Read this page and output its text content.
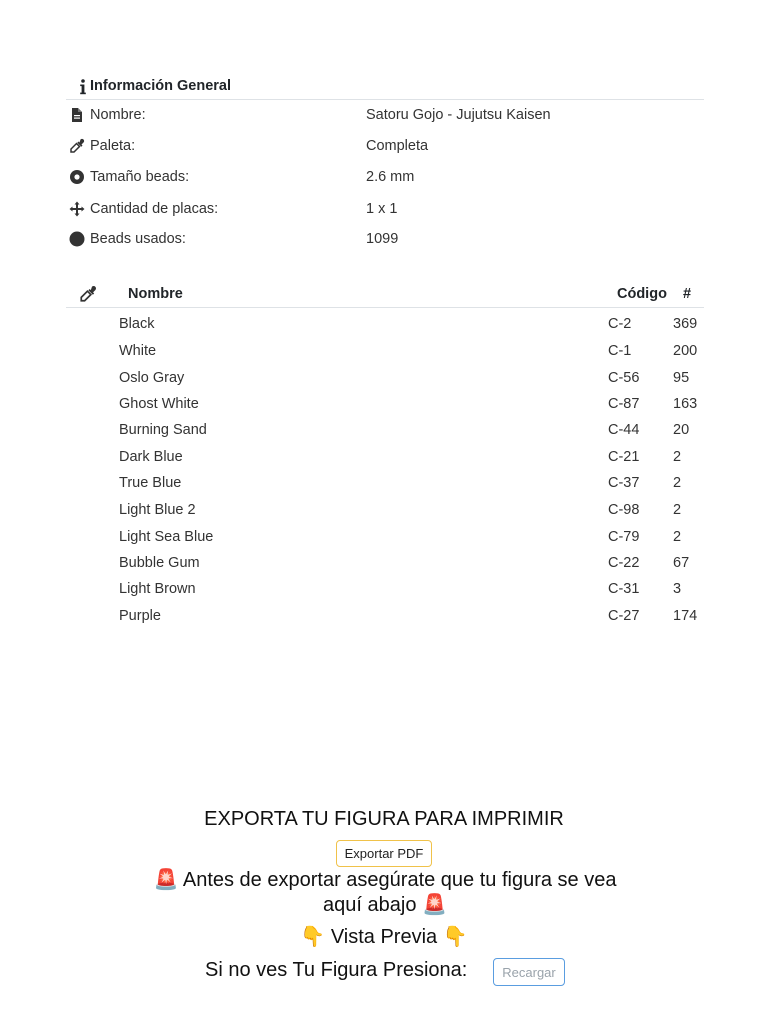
Información General
Nombre:	Satoru Gojo - Jujutsu Kaisen
Paleta:	Completa
Tamaño beads:	2.6 mm
Cantidad de placas:	1 x 1
Beads usados:	1099
Nombre	Código #
Black	C-2	369
White	C-1	200
Oslo Gray	C-56 95
Ghost White	C-87 163
Burning Sand	C-44 20
Dark Blue	C-21 2
True Blue	C-37 2
Light Blue 2	C-98 2
Light Sea Blue	C-79 2
Bubble Gum	C-22 67
Light Brown	C-31 3
Purple	C-27 174
EXPORTA TU FIGURA PARA IMPRIMIR
Exportar PDF
🚨 Antes de exportar asegúrate que tu figura se vea aquí abajo 🚨
👇 Vista Previa 👇
Si no ves Tu Figura Presiona:	Recargar
